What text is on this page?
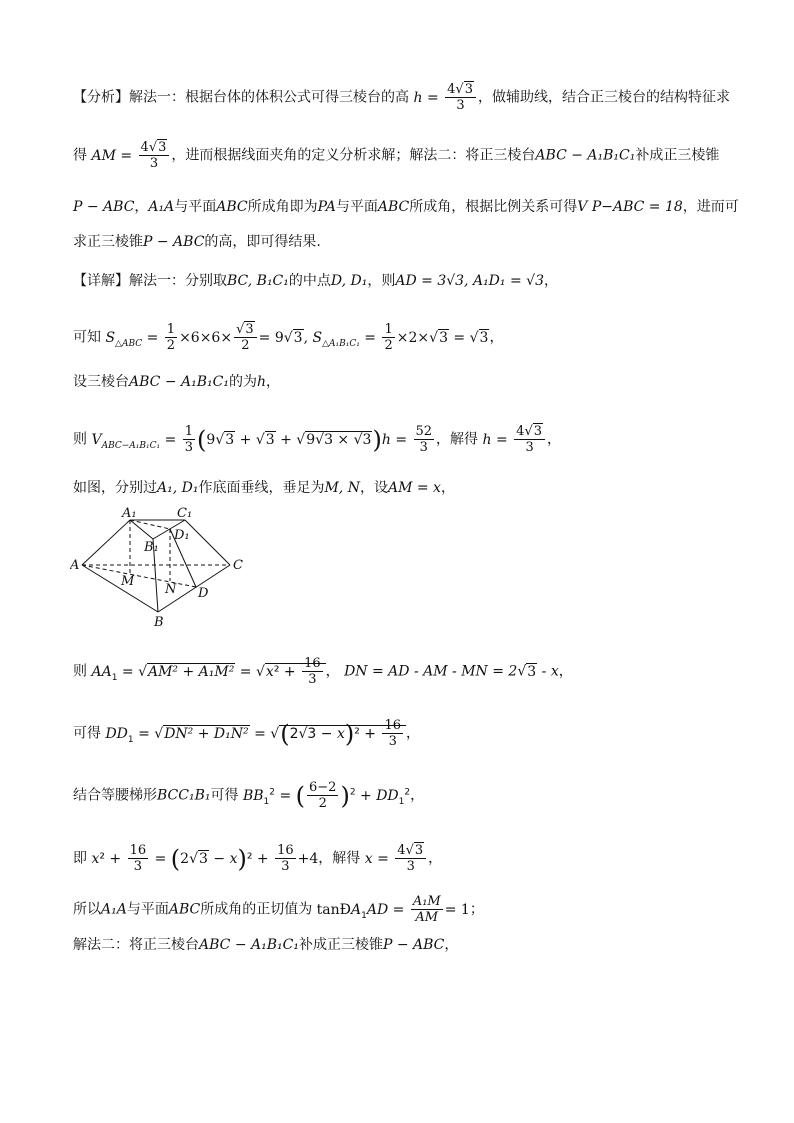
【分析】解法一：根据台体的体积公式可得三棱台的高 $h = \frac{4√3}{3}$ ，做辅助线，结合正三棱台的结构特征求
得 AM = $\frac{4√3}{3}$ ，进而根据线面夹角的定义分析求解；解法二：将正三棱台ABC − A₁B₁C₁补成正三棱锥
P − ABC，A₁A与平面ABC所成角即为PA与平面ABC所成角，根据比例关系可得V P−ABC = 18，进而可
求正三棱锥P − ABC的高，即可得结果.
【详解】解法一：分别取BC, B₁C₁的中点D, D₁，则AD = 3√3, A₁D₁ = √3，
可知 $S_{\triangle ABC} = \frac{1}{2} \times 6\times 6\times \frac{√3}{2} = 9√3$, $S_{\triangle A_1B_1C_1} = \frac{1}{2} \times 2\times√3 = √3$，
设三棱台ABC − A₁B₁C₁的为h，
则 $V_{ABC-A_1B_1C_1} = \frac{1}{3} (9√3 + √3 + √9√3 \times √3)h = \frac{52}{3}$ ，解得 $h = \frac{4√3}{3}$ ，
如图，分别过A₁, D₁作底面垂线，垂足为M, N，设AM = x，
A₁	C₁
B₁
D₁
A	C
M
N D
B
则 $AA_1 = √AM^2 + A_1M^2 = √x^2 + \frac{16}{3}$ ， DN = AD - AM - MN = 2√3 - x，
可得 $DD_1 = √DN^2 + D_1N^2 = √(2√3 - x)^2 + \frac{16}{3}$ ，
结合等腰梯形BCC₁B₁可得 $BB_1^2$ = ( $\frac{6-2}{2} )^2 + DD_1^2$，
即 $x^2 + \frac{16}{3} = (2√3 - x)^2 + \frac{16}{3} +4$，解得 $x = \frac{4√3}{3}$ ，
所以A₁A与平面ABC所成角的正切值为 tanÐA$_1$AD = $\frac{\text{A₁M}}{AM} = 1$；
解法二：将正三棱台ABC − A₁B₁C₁补成正三棱锥P − ABC，
